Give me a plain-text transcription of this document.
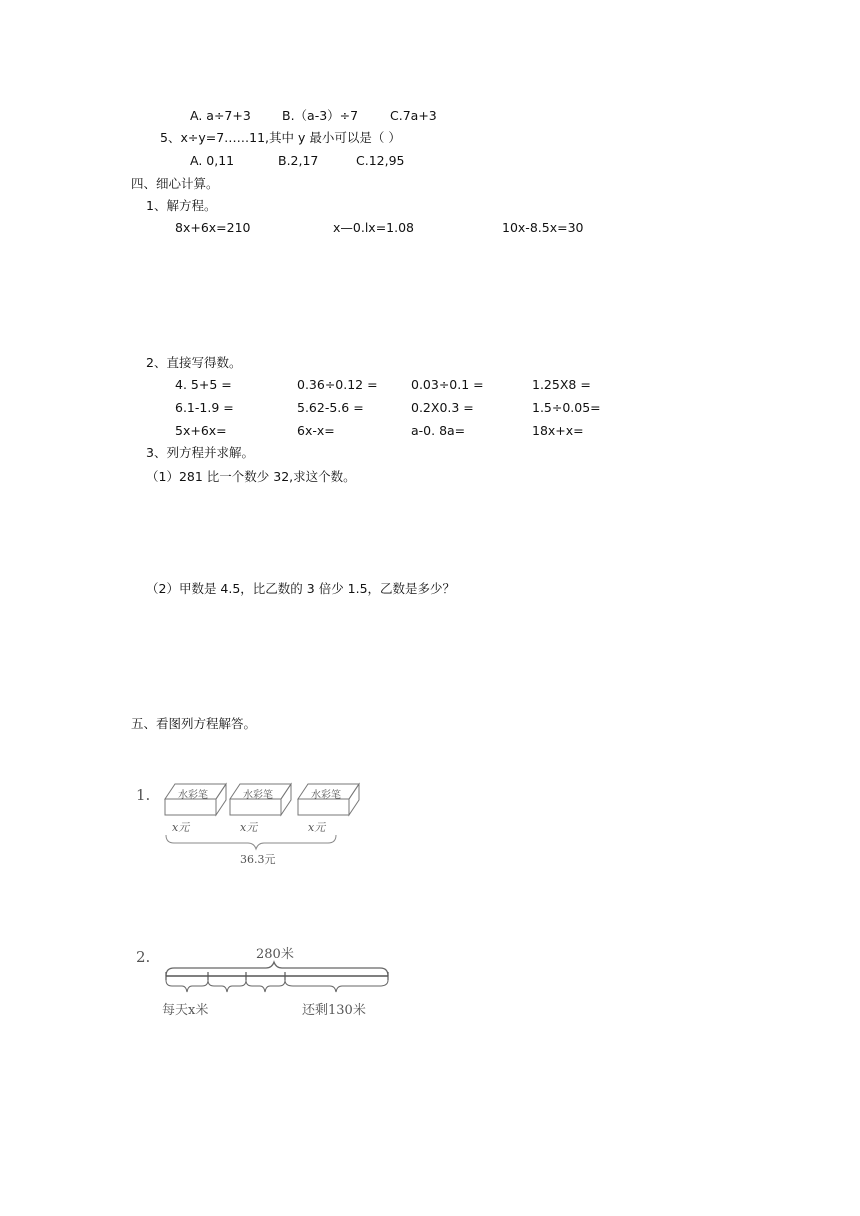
A. a÷7+3 B.（a-3）÷7	C.7a+3
5、x÷y=7……11,其中 y 最小可以是（ ）
A. 0,11	B.2,17	C.12,95
四、细心计算。
1、解方程。
8x+6x=210	x—0.lx=1.08	10x-8.5x=30
2、直接写得数。
4. 5+5 =	0.36÷0.12 =	0.03÷0.1 =	1.25X8 =
6.1-1.9 =	5.62-5.6 =	0.2X0.3 =	1.5÷0.05=
5x+6x=	6x-x=	a-0. 8a=	18x+x=
3、列方程并求解。
（1）281 比一个数少 32,求这个数。
（2）甲数是 4.5，比乙数的 3 倍少 1.5，乙数是多少？
五、看图列方程解答。
1.	水彩笔	水彩笔	水彩笔
x元	x元	x元
36.3元
2.	280米
每天x米	还剩130米
